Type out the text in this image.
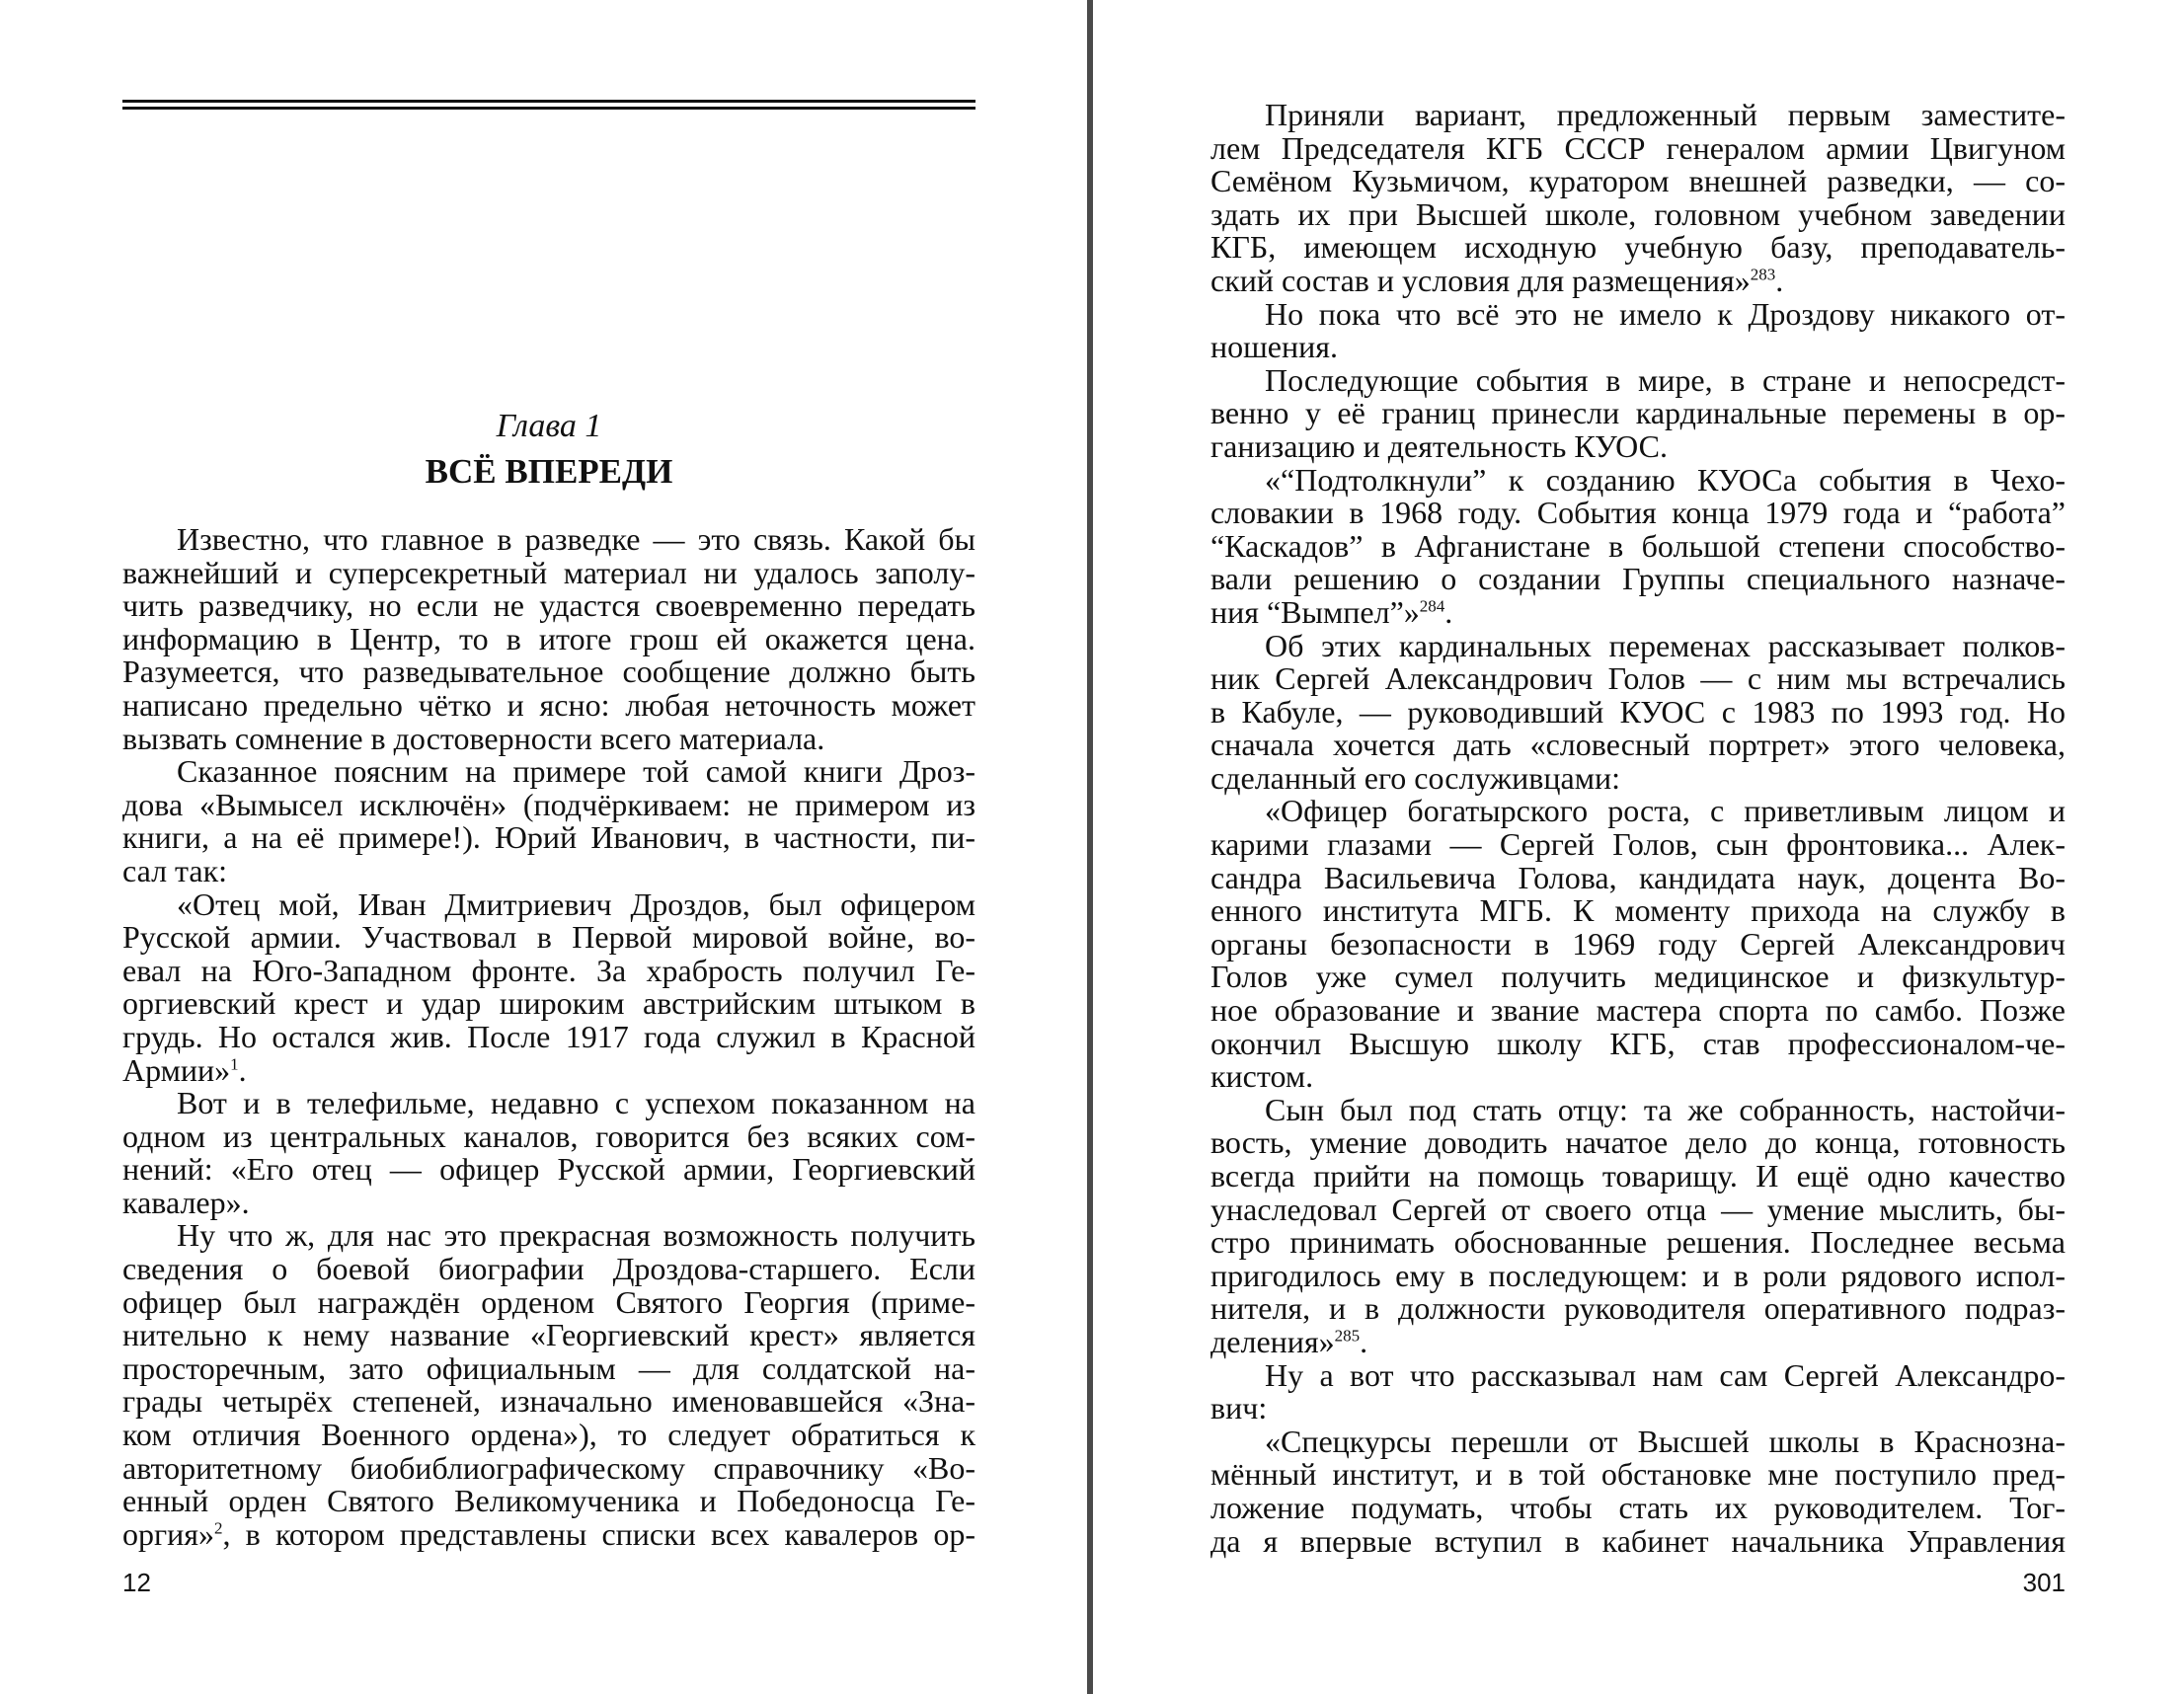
Глава 1
ВСЁ ВПЕРЕДИ
Известно, что главное в разведке — это связь. Какой бы
важнейший и суперсекретный материал ни удалось заполу-
чить разведчику, но если не удастся своевременно передать
информацию в Центр, то в итоге грош ей окажется цена.
Разумеется, что разведывательное сообщение должно быть
написано предельно чётко и ясно: любая неточность может
вызвать сомнение в достоверности всего материала.
Сказанное поясним на примере той самой книги Дроз-
дова «Вымысел исключён» (подчёркиваем: не примером из
книги, а на её примере!). Юрий Иванович, в частности, пи-
сал так:
«Отец мой, Иван Дмитриевич Дроздов, был офицером
Русской армии. Участвовал в Первой мировой войне, во-
евал на Юго-Западном фронте. За храбрость получил Ге-
оргиевский крест и удар широким австрийским штыком в
грудь. Но остался жив. После 1917 года служил в Красной
Армии»$^1$.
Вот и в телефильме, недавно с успехом показанном на
одном из центральных каналов, говорится без всяких сом-
нений: «Его отец — офицер Русской армии, Георгиевский
кавалер».
Ну что ж, для нас это прекрасная возможность получить
сведения о боевой биографии Дроздова-старшего. Если
офицер был награждён орденом Святого Георгия (приме-
нительно к нему название «Георгиевский крест» является
просторечным, зато официальным — для солдатской на-
грады четырёх степеней, изначально именовавшейся «Зна-
ком отличия Военного ордена»), то следует обратиться к
авторитетному биобиблиографическому справочнику «Во-
енный орден Святого Великомученика и Победоносца Ге-
оргия»$^2$, в котором представлены списки всех кавалеров ор-
12
Приняли вариант, предложенный первым заместите-
лем Председателя КГБ СССР генералом армии Цвигуном
Семёном Кузьмичом, куратором внешней разведки, — со-
здать их при Высшей школе, головном учебном заведении
КГБ, имеющем исходную учебную базу, преподаватель-
ский состав и условия для размещения»$^{283}$.
Но пока что всё это не имело к Дроздову никакого от-
ношения.
Последующие события в мире, в стране и непосредст-
венно у её границ принесли кардинальные перемены в ор-
ганизацию и деятельность КУОС.
«“Подтолкнули” к созданию КУОСа события в Чехо-
словакии в 1968 году. События конца 1979 года и “работа”
“Каскадов” в Афганистане в большой степени способство-
вали решению о создании Группы специального назначе-
ния “Вымпел”»$^{284}$.
Об этих кардинальных переменах рассказывает полков-
ник Сергей Александрович Голов — с ним мы встречались
в Кабуле, — руководивший КУОС с 1983 по 1993 год. Но
сначала хочется дать «словесный портрет» этого человека,
сделанный его сослуживцами:
«Офицер богатырского роста, с приветливым лицом и
карими глазами — Сергей Голов, сын фронтовика... Алек-
сандра Васильевича Голова, кандидата наук, доцента Во-
енного института МГБ. К моменту прихода на службу в
органы безопасности в 1969 году Сергей Александрович
Голов уже сумел получить медицинское и физкультур-
ное образование и звание мастера спорта по самбо. Позже
окончил Высшую школу КГБ, став профессионалом-че-
кистом.
Сын был под стать отцу: та же собранность, настойчи-
вость, умение доводить начатое дело до конца, готовность
всегда прийти на помощь товарищу. И ещё одно качество
унаследовал Сергей от своего отца — умение мыслить, бы-
стро принимать обоснованные решения. Последнее весьма
пригодилось ему в последующем: и в роли рядового испол-
нителя, и в должности руководителя оперативного подраз-
деления»$^{285}$.
Ну а вот что рассказывал нам сам Сергей Александро-
вич:
«Спецкурсы перешли от Высшей школы в Краснозна-
мённый институт, и в той обстановке мне поступило пред-
ложение подумать, чтобы стать их руководителем. Тог-
да я впервые вступил в кабинет начальника Управления
301
